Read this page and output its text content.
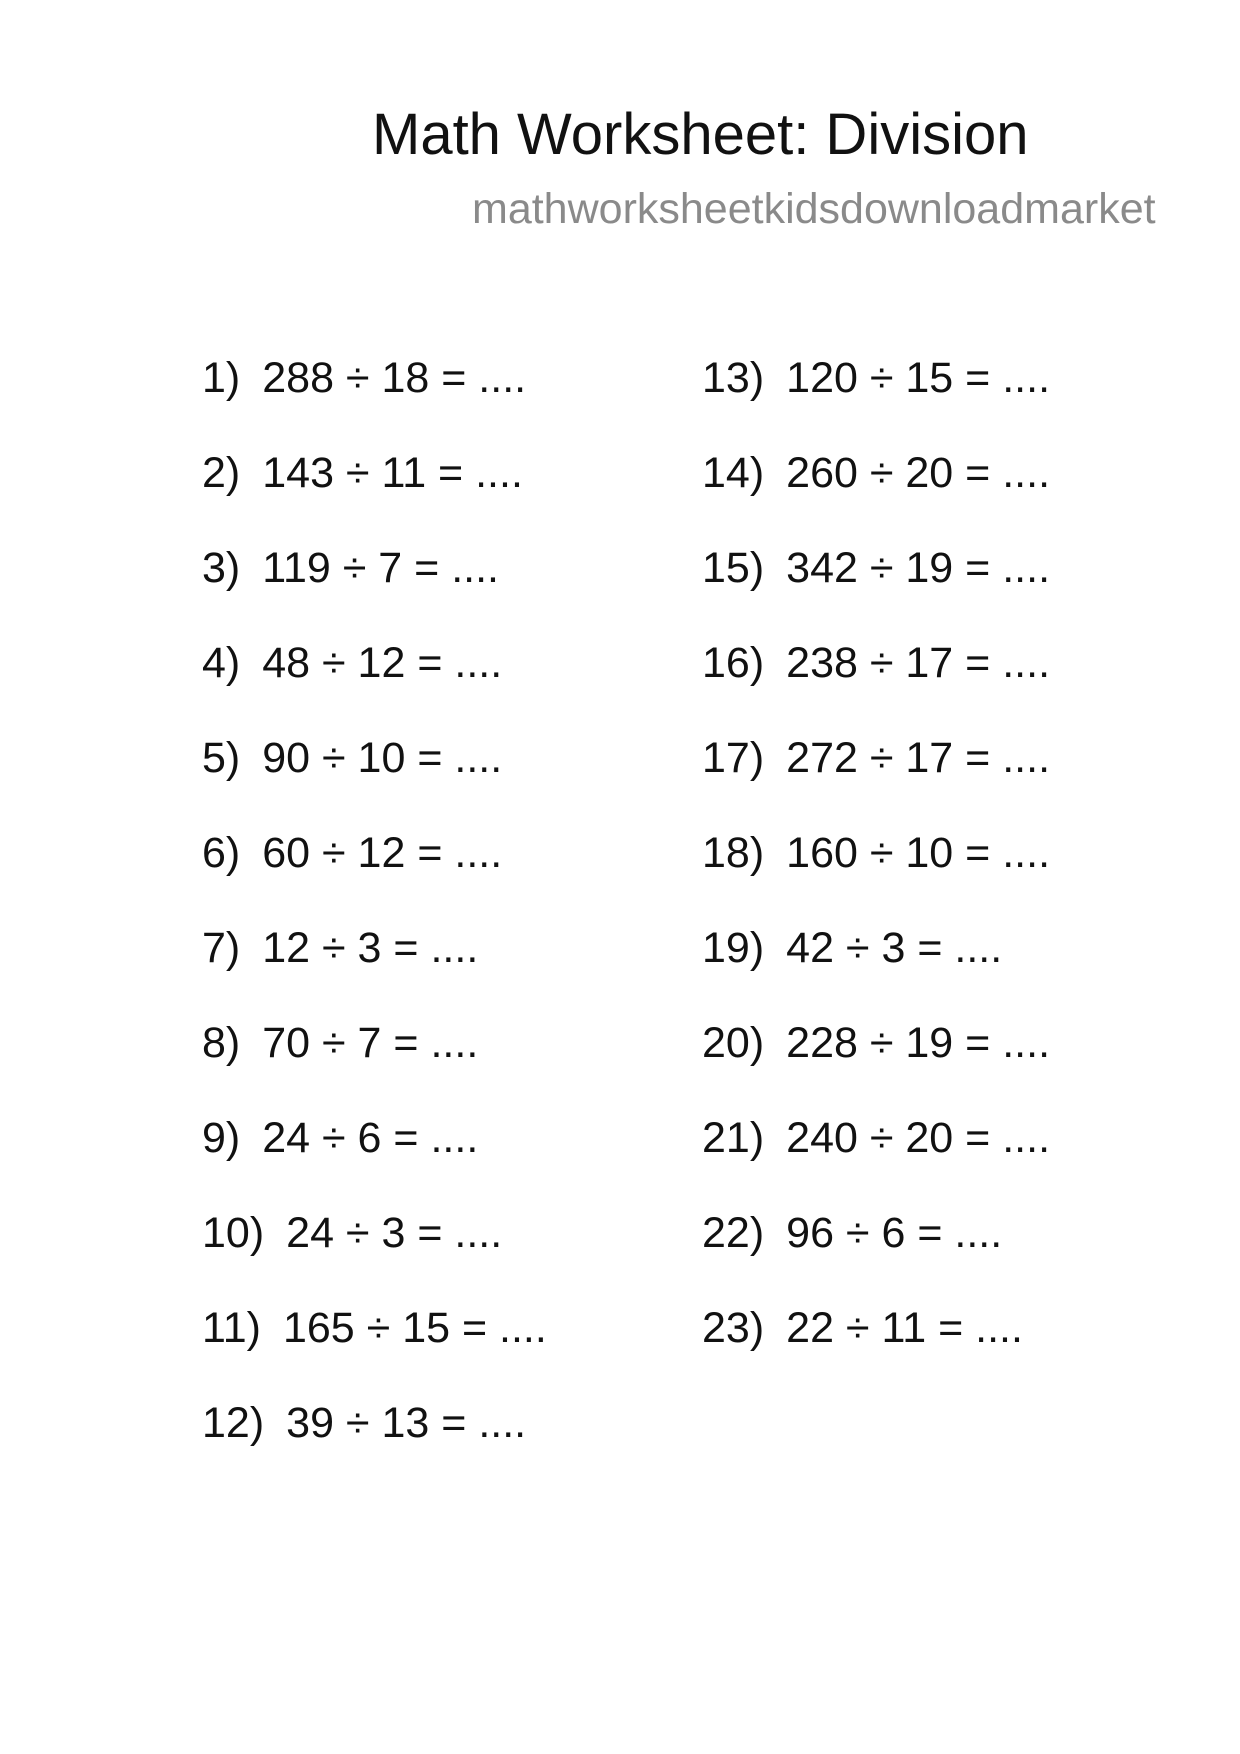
Math Worksheet: Division
mathworksheetkidsdownloadmarket
1) 288 ÷ 18 = ....
2) 143 ÷ 11 = ....
3) 119 ÷ 7 = ....
4) 48 ÷ 12 = ....
5) 90 ÷ 10 = ....
6) 60 ÷ 12 = ....
7) 12 ÷ 3 = ....
8) 70 ÷ 7 = ....
9) 24 ÷ 6 = ....
10) 24 ÷ 3 = ....
11) 165 ÷ 15 = ....
12) 39 ÷ 13 = ....
13) 120 ÷ 15 = ....
14) 260 ÷ 20 = ....
15) 342 ÷ 19 = ....
16) 238 ÷ 17 = ....
17) 272 ÷ 17 = ....
18) 160 ÷ 10 = ....
19) 42 ÷ 3 = ....
20) 228 ÷ 19 = ....
21) 240 ÷ 20 = ....
22) 96 ÷ 6 = ....
23) 22 ÷ 11 = ....
